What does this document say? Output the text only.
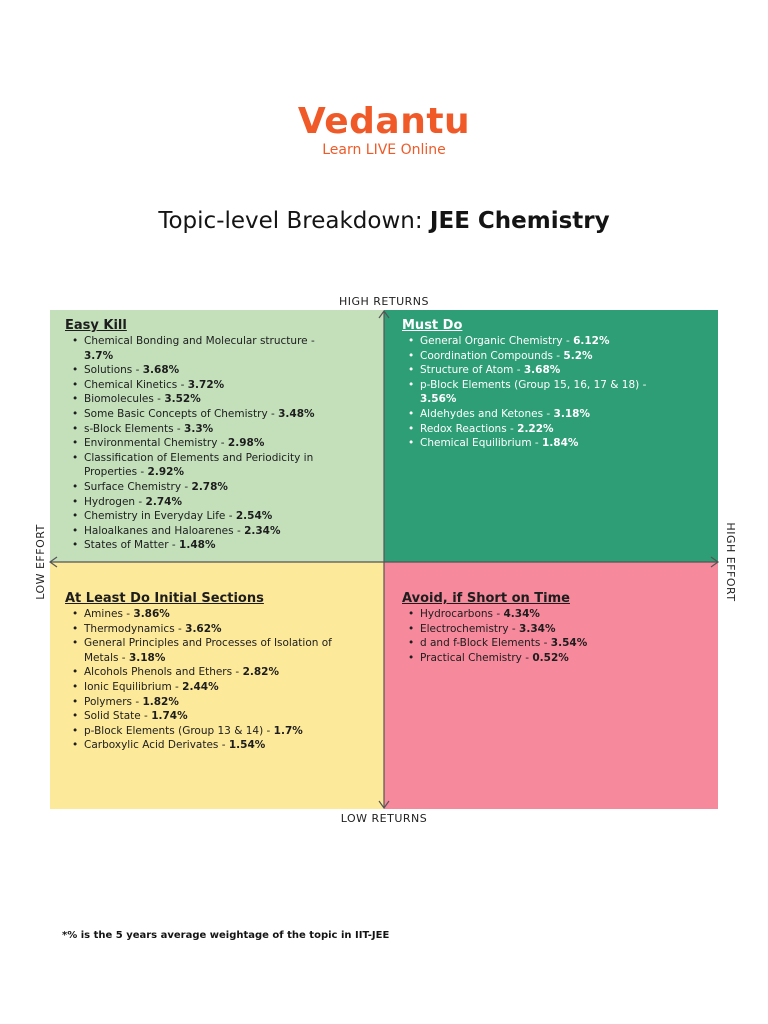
Vedantu
Learn LIVE Online
Topic-level Breakdown: JEE Chemistry
Easy Kill
• Chemical Bonding and Molecular structure - 3.7%
• Solutions - 3.68%
• Chemical Kinetics - 3.72%
• Biomolecules - 3.52%
• Some Basic Concepts of Chemistry - 3.48%
• s-Block Elements - 3.3%
• Environmental Chemistry - 2.98%
• Classification of Elements and Periodicity in Properties - 2.92%
• Surface Chemistry - 2.78%
• Hydrogen - 2.74%
• Chemistry in Everyday Life - 2.54%
• Haloalkanes and Haloarenes - 2.34%
• States of Matter - 1.48%
Must Do
• General Organic Chemistry - 6.12%
• Coordination Compounds - 5.2%
• Structure of Atom - 3.68%
• p-Block Elements (Group 15, 16, 17 & 18) - 3.56%
• Aldehydes and Ketones - 3.18%
• Redox Reactions - 2.22%
• Chemical Equilibrium - 1.84%
At Least Do Initial Sections
• Amines - 3.86%
• Thermodynamics - 3.62%
• General Principles and Processes of Isolation of Metals - 3.18%
• Alcohols Phenols and Ethers - 2.82%
• Ionic Equilibrium - 2.44%
• Polymers - 1.82%
• Solid State - 1.74%
• p-Block Elements (Group 13 & 14) - 1.7%
• Carboxylic Acid Derivates - 1.54%
Avoid, if Short on Time
• Hydrocarbons - 4.34%
• Electrochemistry - 3.34%
• d and f-Block Elements - 3.54%
• Practical Chemistry - 0.52%
HIGH RETURNS
LOW RETURNS
LOW EFFORT	HIGH EFFORT
*% is the 5 years average weightage of the topic in IIT-JEE
